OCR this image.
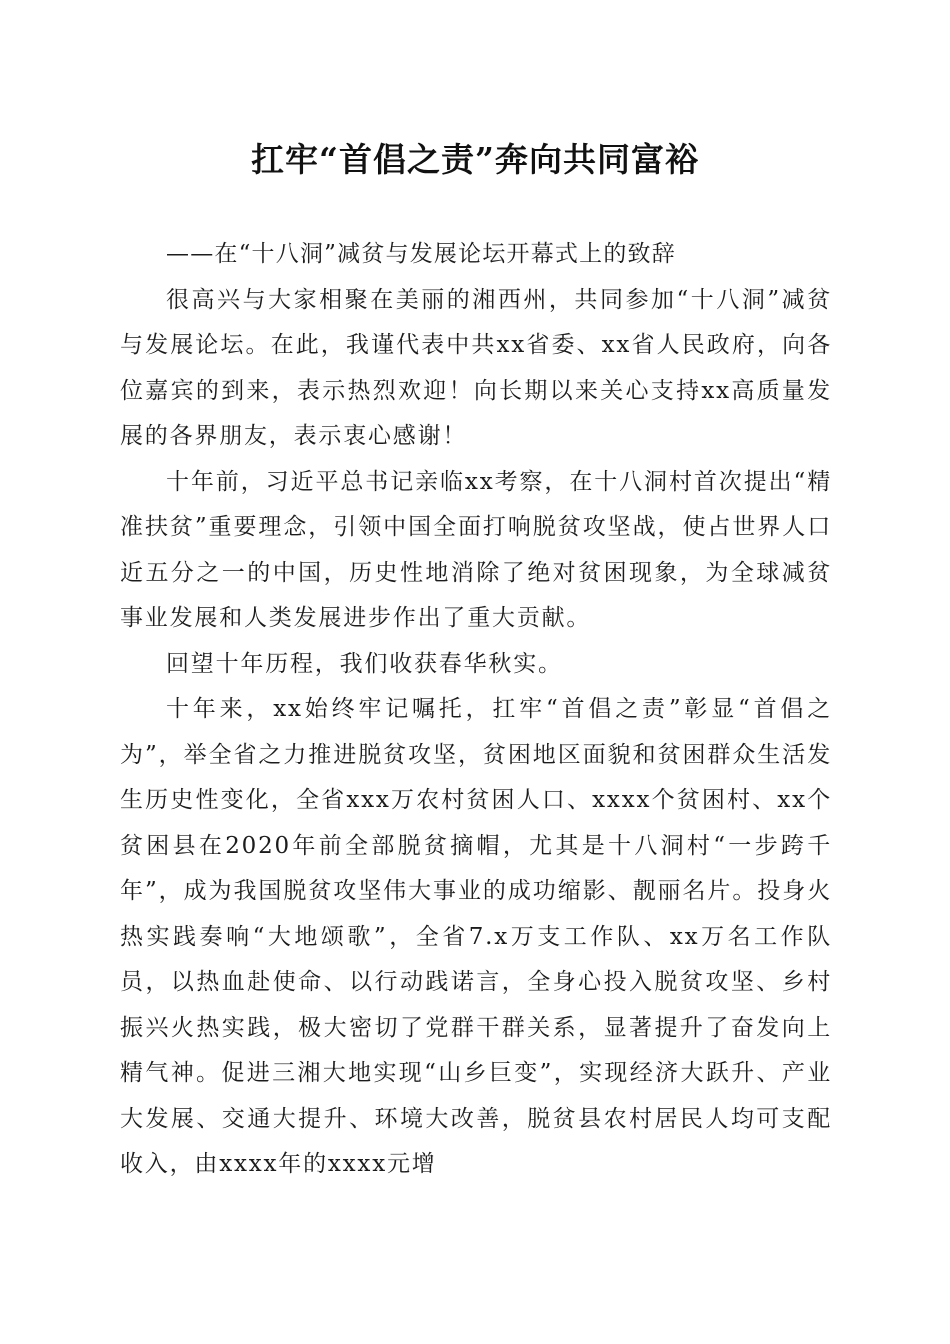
扛牢“首倡之责”奔向共同富裕

——在“十八洞”减贫与发展论坛开幕式上的致辞

很高兴与大家相聚在美丽的湘西州，共同参加“十八洞”减贫与发展论坛。在此，我谨代表中共xx省委、xx省人民政府，向各位嘉宾的到来，表示热烈欢迎！向长期以来关心支持xx高质量发展的各界朋友，表示衷心感谢！

十年前，习近平总书记亲临xx考察，在十八洞村首次提出“精准扶贫”重要理念，引领中国全面打响脱贫攻坚战，使占世界人口近五分之一的中国，历史性地消除了绝对贫困现象，为全球减贫事业发展和人类发展进步作出了重大贡献。

回望十年历程，我们收获春华秋实。

十年来，xx始终牢记嘱托，扛牢“首倡之责”彰显“首倡之为”，举全省之力推进脱贫攻坚，贫困地区面貌和贫困群众生活发生历史性变化，全省xxx万农村贫困人口、xxxx个贫困村、xx个贫困县在2020年前全部脱贫摘帽，尤其是十八洞村“一步跨千年”，成为我国脱贫攻坚伟大事业的成功缩影、靓丽名片。投身火热实践奏响“大地颂歌”，全省7.x万支工作队、xx万名工作队员，以热血赴使命、以行动践诺言，全身心投入脱贫攻坚、乡村振兴火热实践，极大密切了党群干群关系，显著提升了奋发向上精气神。促进三湘大地实现“山乡巨变”，实现经济大跃升、产业大发展、交通大提升、环境大改善，脱贫县农村居民人均可支配收入，由xxxx年的xxxx元增
